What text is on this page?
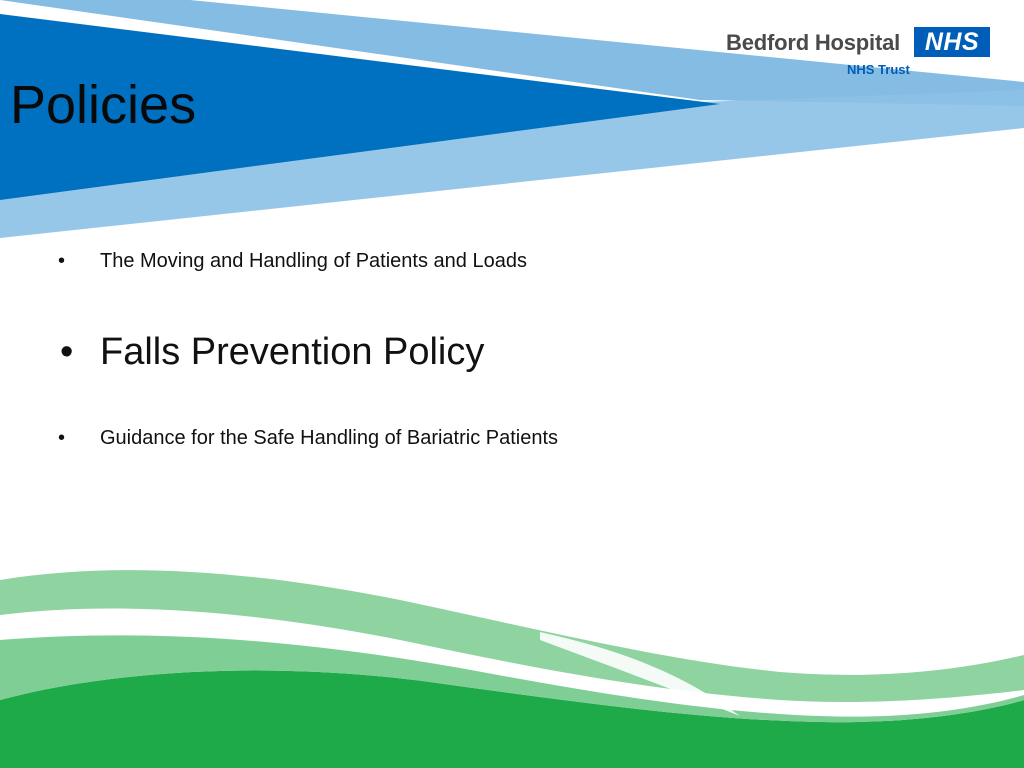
Policies
Bedford Hospital NHS
NHS Trust
• The Moving and Handling of Patients and Loads
• Falls Prevention Policy
• Guidance for the Safe Handling of Bariatric Patients
